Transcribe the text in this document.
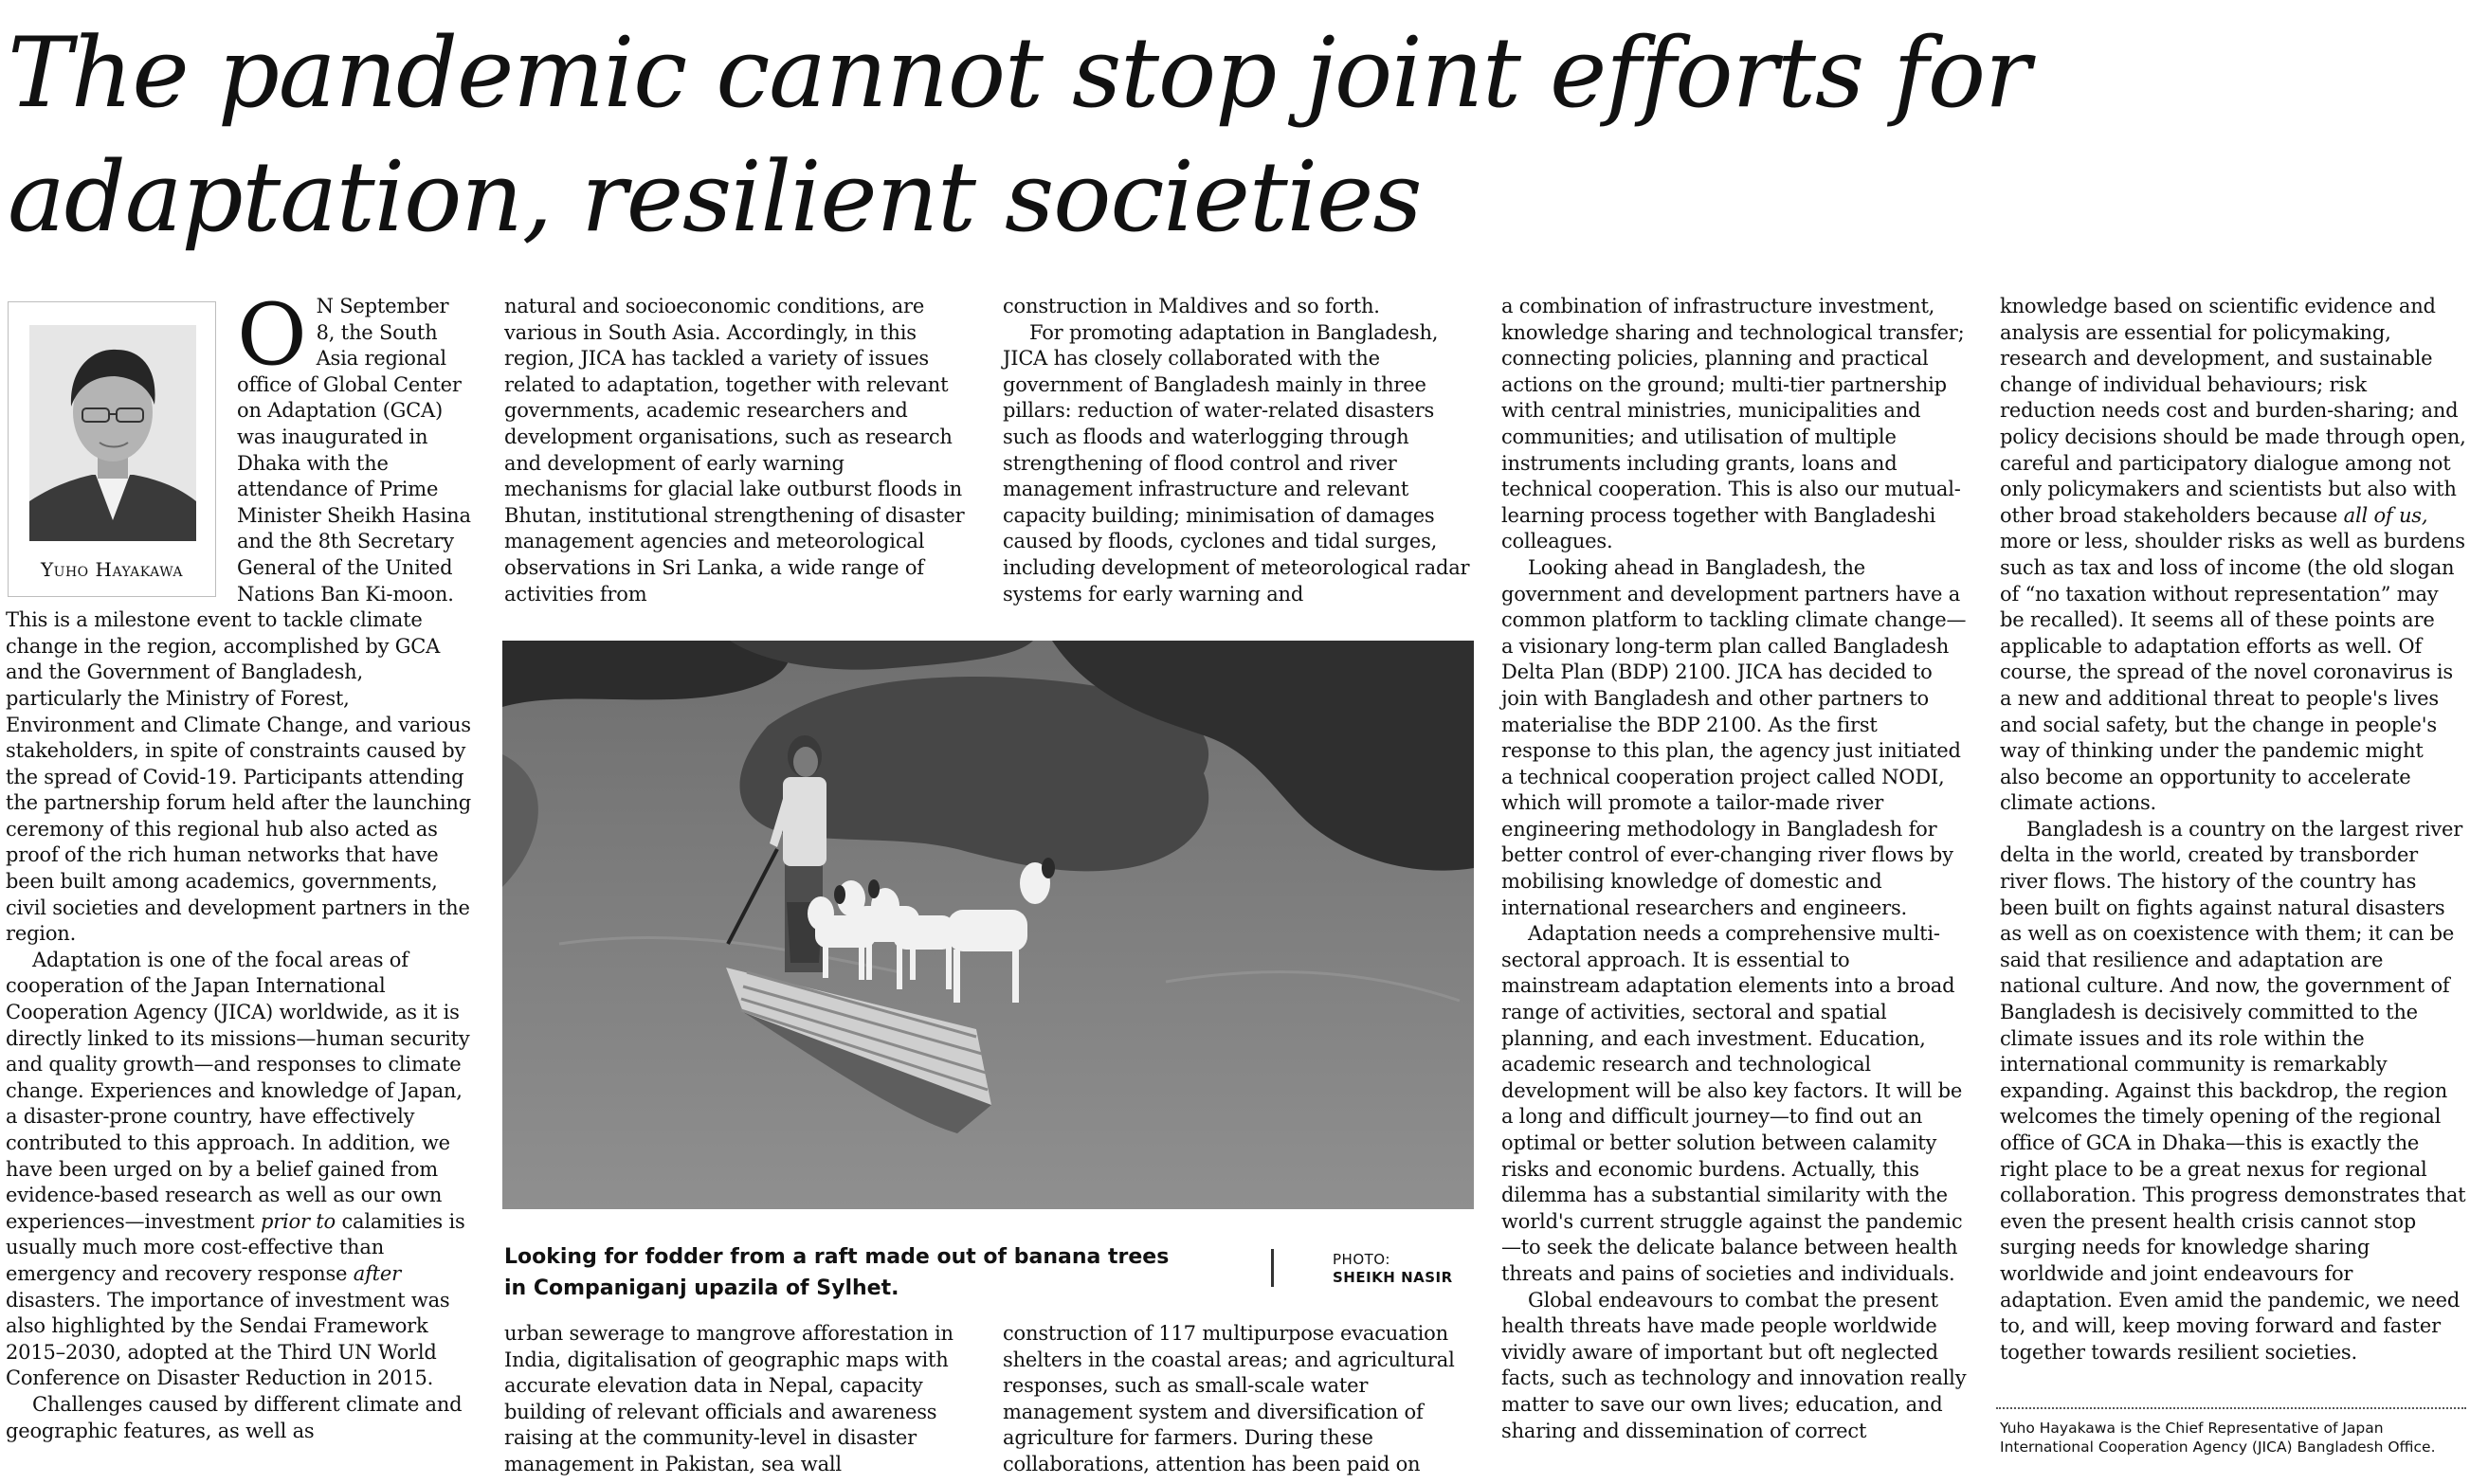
The pandemic cannot stop joint efforts for
adaptation, resilient societies
Yuho Hayakawa

O N September 8, the South Asia regional office of Global Center on Adaptation (GCA) was inaugurated in Dhaka with the attendance of Prime Minister Sheikh Hasina and the 8th Secretary General of the United Nations Ban Ki-moon. This is a milestone event to tackle climate change in the region, accomplished by GCA and the Government of Bangladesh, particularly the Ministry of Forest, Environment and Climate Change, and various stakeholders, in spite of constraints caused by the spread of Covid-19. Participants attending the partnership forum held after the launching ceremony of this regional hub also acted as proof of the rich human networks that have been built among academics, governments, civil societies and development partners in the region.

Adaptation is one of the focal areas of cooperation of the Japan International Cooperation Agency (JICA) worldwide, as it is directly linked to its missions—human security and quality growth—and responses to climate change. Experiences and knowledge of Japan, a disaster-prone country, have effectively contributed to this approach. In addition, we have been urged on by a belief gained from evidence-based research as well as our own experiences—investment prior to calamities is usually much more cost-effective than emergency and recovery response after disasters. The importance of investment was also highlighted by the Sendai Framework 2015–2030, adopted at the Third UN World Conference on Disaster Reduction in 2015.

Challenges caused by different climate and geographic features, as well as

natural and socioeconomic conditions, are various in South Asia. Accordingly, in this region, JICA has tackled a variety of issues related to adaptation, together with relevant governments, academic researchers and development organisations, such as research and development of early warning mechanisms for glacial lake outburst floods in Bhutan, institutional strengthening of disaster management agencies and meteorological observations in Sri Lanka, a wide range of activities from

construction in Maldives and so forth.

For promoting adaptation in Bangladesh, JICA has closely collaborated with the government of Bangladesh mainly in three pillars: reduction of water-related disasters such as floods and waterlogging through strengthening of flood control and river management infrastructure and relevant capacity building; minimisation of damages caused by floods, cyclones and tidal surges, including development of meteorological radar systems for early warning and

Looking for fodder from a raft made out of banana trees
in Companiganj upazila of Sylhet.
PHOTO:
SHEIKH NASIR

urban sewerage to mangrove afforestation in India, digitalisation of geographic maps with accurate elevation data in Nepal, capacity building of relevant officials and awareness raising at the community-level in disaster management in Pakistan, sea wall

construction of 117 multipurpose evacuation shelters in the coastal areas; and agricultural responses, such as small-scale water management system and diversification of agriculture for farmers. During these collaborations, attention has been paid on

a combination of infrastructure investment, knowledge sharing and technological transfer; connecting policies, planning and practical actions on the ground; multi-tier partnership with central ministries, municipalities and communities; and utilisation of multiple instruments including grants, loans and technical cooperation. This is also our mutual-learning process together with Bangladeshi colleagues.

Looking ahead in Bangladesh, the government and development partners have a common platform to tackling climate change—a visionary long-term plan called Bangladesh Delta Plan (BDP) 2100. JICA has decided to join with Bangladesh and other partners to materialise the BDP 2100. As the first response to this plan, the agency just initiated a technical cooperation project called NODI, which will promote a tailor-made river engineering methodology in Bangladesh for better control of ever-changing river flows by mobilising knowledge of domestic and international researchers and engineers.

Adaptation needs a comprehensive multi-sectoral approach. It is essential to mainstream adaptation elements into a broad range of activities, sectoral and spatial planning, and each investment. Education, academic research and technological development will be also key factors. It will be a long and difficult journey—to find out an optimal or better solution between calamity risks and economic burdens. Actually, this dilemma has a substantial similarity with the world's current struggle against the pandemic—to seek the delicate balance between health threats and pains of societies and individuals.

Global endeavours to combat the present health threats have made people worldwide vividly aware of important but oft neglected facts, such as technology and innovation really matter to save our own lives; education, and sharing and dissemination of correct

knowledge based on scientific evidence and analysis are essential for policymaking, research and development, and sustainable change of individual behaviours; risk reduction needs cost and burden-sharing; and policy decisions should be made through open, careful and participatory dialogue among not only policymakers and scientists but also with other broad stakeholders because all of us, more or less, shoulder risks as well as burdens such as tax and loss of income (the old slogan of “no taxation without representation” may be recalled). It seems all of these points are applicable to adaptation efforts as well. Of course, the spread of the novel coronavirus is a new and additional threat to people's lives and social safety, but the change in people's way of thinking under the pandemic might also become an opportunity to accelerate climate actions.

Bangladesh is a country on the largest river delta in the world, created by transborder river flows. The history of the country has been built on fights against natural disasters as well as on coexistence with them; it can be said that resilience and adaptation are national culture. And now, the government of Bangladesh is decisively committed to the climate issues and its role within the international community is remarkably expanding. Against this backdrop, the region welcomes the timely opening of the regional office of GCA in Dhaka—this is exactly the right place to be a great nexus for regional collaboration. This progress demonstrates that even the present health crisis cannot stop surging needs for knowledge sharing worldwide and joint endeavours for adaptation. Even amid the pandemic, we need to, and will, keep moving forward and faster together towards resilient societies.

Yuho Hayakawa is the Chief Representative of Japan International Cooperation Agency (JICA) Bangladesh Office.
